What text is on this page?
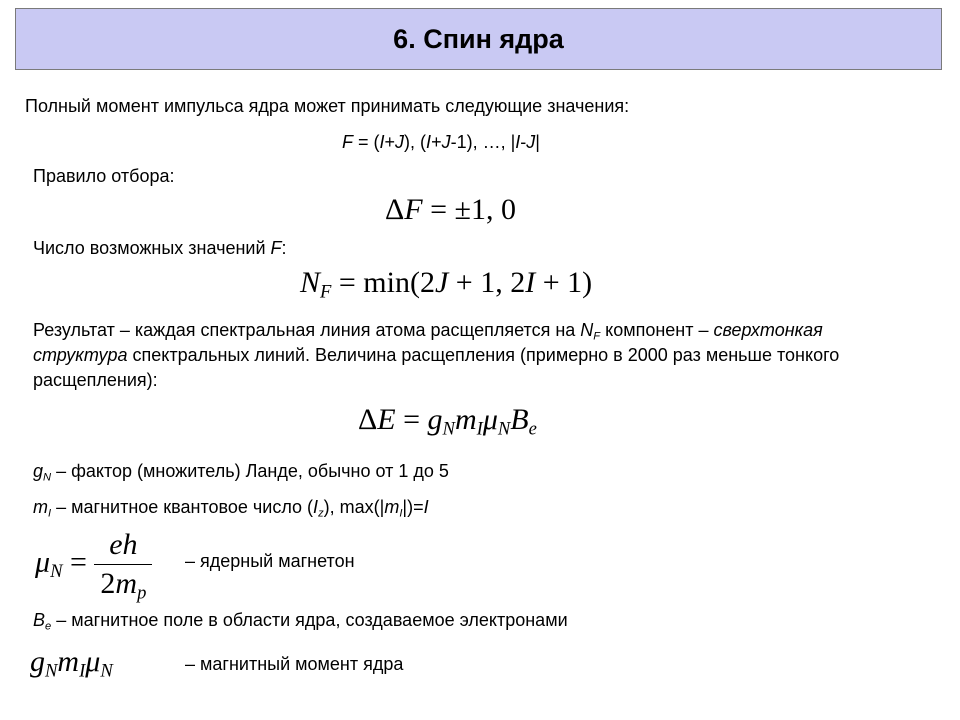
6. Спин ядра
Полный момент импульса ядра может принимать следующие значения:
F = (I+J), (I+J-1), …, |I-J|
Правило отбора:
ΔF = ±1, 0
Число возможных значений F:
$N_F = \min(2J + 1$, 2I + 1)
Результат – каждая спектральная линия атома расщепляется на $N_F$ компонент – сверхтонкая структура спектральных линий. Величина расщепления (примерно в 2000 раз меньше тонкого расщепления):
$\Delta E = g_Nm_I\mu_NB_e$
$g_N$ – фактор (множитель) Ланде, обычно от 1 до 5
$m_I$ – магнитное квантовое число $(I_z)$, $\max(|m_I|)=I$
$\mu_N = \frac{eh}{2m_p}$ – ядерный магнетон
$B_e$ – магнитное поле в области ядра, создаваемое электронами
$g_Nm_I\mu_N$	– магнитный момент ядра
